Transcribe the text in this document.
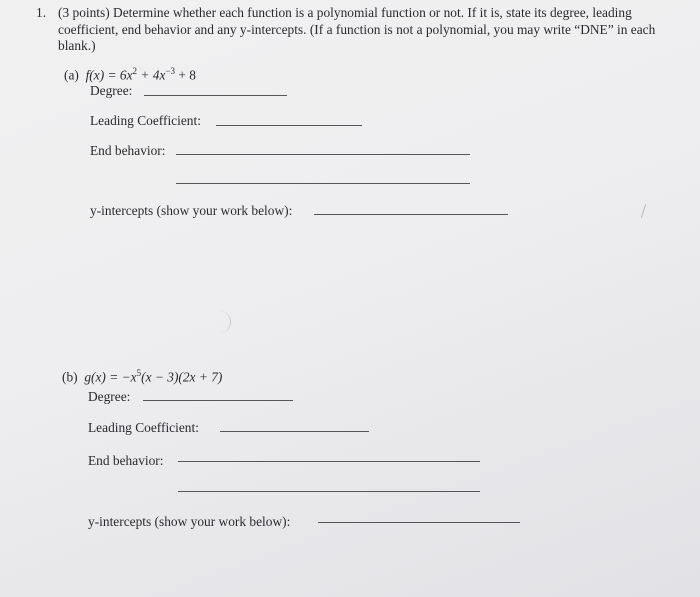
1. (3 points) Determine whether each function is a polynomial function or not. If it is, state its degree, leading coefficient, end behavior and any y-intercepts. (If a function is not a polynomial, you may write “DNE” in each blank.)
(a) $f(x) = 6x^2 + 4x^{-3} + 8$
Degree:
Leading Coefficient:
End behavior:
y-intercepts (show your work below):
(b) $g(x) = -x^5(x - 3)(2x + 7)$
Degree:
Leading Coefficient:
End behavior:
y-intercepts (show your work below):
